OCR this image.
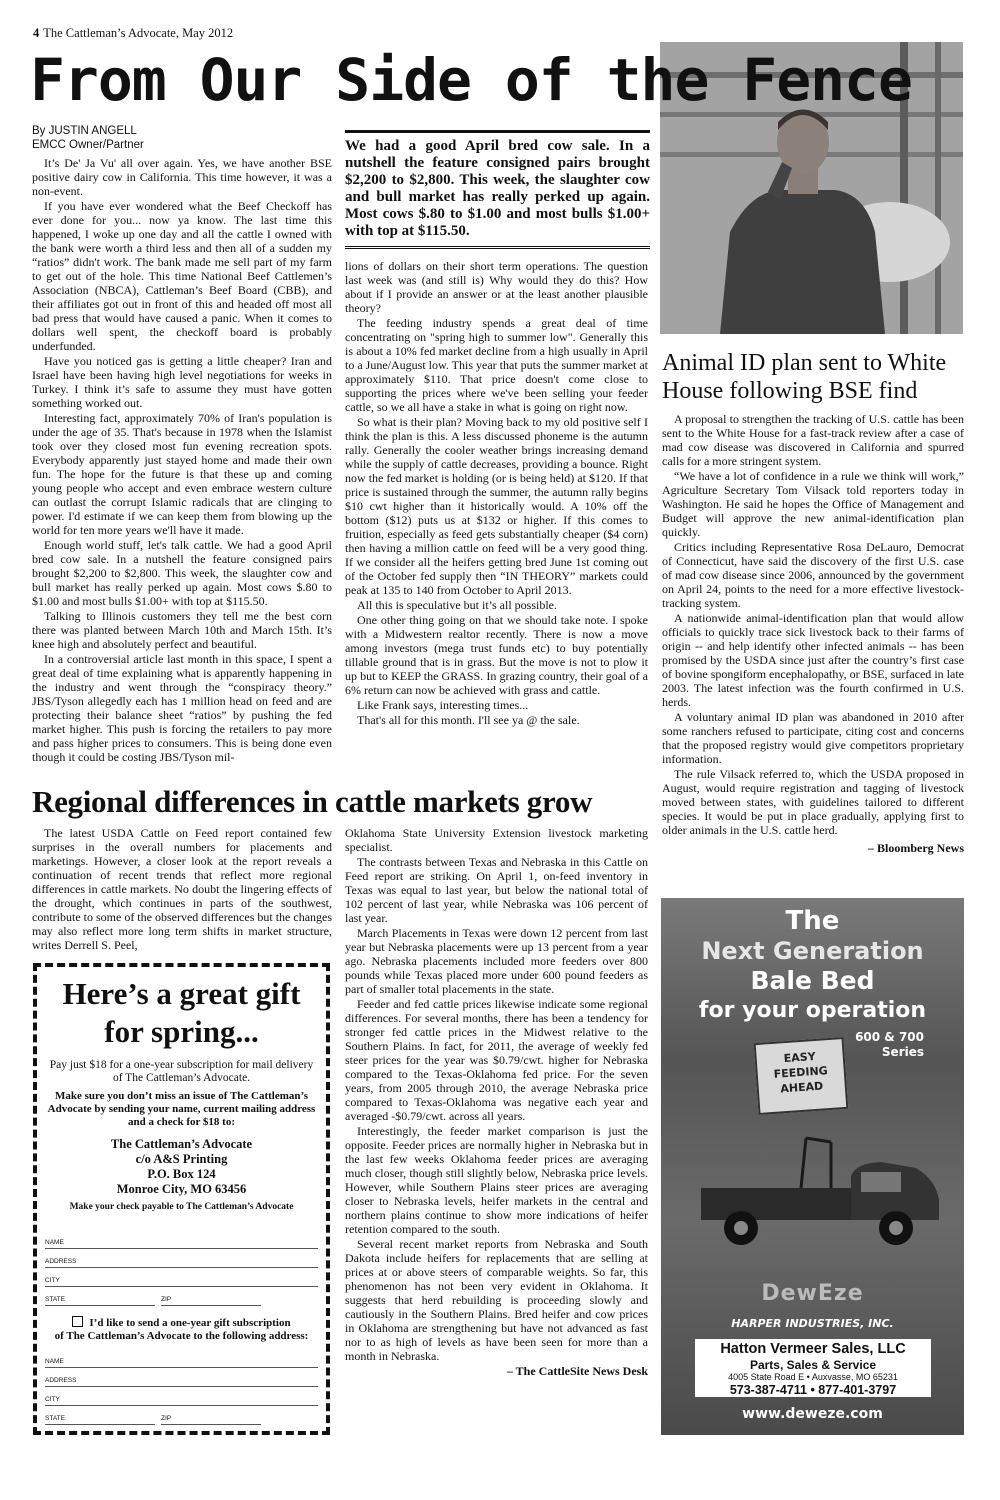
4 The Cattleman’s Advocate, May 2012
From Our Side of the Fence
By JUSTIN ANGELL
EMCC Owner/Partner

It’s De' Ja Vu' all over again. Yes, we have another BSE positive dairy cow in California. This time however, it was a non-event.

If you have ever wondered what the Beef Checkoff has ever done for you... now ya know. The last time this happened, I woke up one day and all the cattle I owned with the bank were worth a third less and then all of a sudden my “ratios” didn't work. The bank made me sell part of my farm to get out of the hole. This time National Beef Cattlemen’s Association (NBCA), Cattleman’s Beef Board (CBB), and their affiliates got out in front of this and headed off most all bad press that would have caused a panic. When it comes to dollars well spent, the checkoff board is probably underfunded.

Have you noticed gas is getting a little cheaper? Iran and Israel have been having high level negotiations for weeks in Turkey. I think it’s safe to assume they must have gotten something worked out.

Interesting fact, approximately 70% of Iran's population is under the age of 35. That's because in 1978 when the Islamist took over they closed most fun evening recreation spots. Everybody apparently just stayed home and made their own fun. The hope for the future is that these up and coming young people who accept and even embrace western culture can outlast the corrupt Islamic radicals that are clinging to power. I'd estimate if we can keep them from blowing up the world for ten more years we'll have it made.

Enough world stuff, let's talk cattle. We had a good April bred cow sale. In a nutshell the feature consigned pairs brought $2,200 to $2,800. This week, the slaughter cow and bull market has really perked up again. Most cows $.80 to $1.00 and most bulls $1.00+ with top at $115.50.

Talking to Illinois customers they tell me the best corn there was planted between March 10th and March 15th. It’s knee high and absolutely perfect and beautiful.

In a controversial article last month in this space, I spent a great deal of time explaining what is apparently happening in the industry and went through the “conspiracy theory.” JBS/Tyson allegedly each has 1 million head on feed and are protecting their balance sheet “ratios” by pushing the fed market higher. This push is forcing the retailers to pay more and pass higher prices to consumers. This is being done even though it could be costing JBS/Tyson mil-

We had a good April bred cow sale. In a nutshell the feature consigned pairs brought $2,200 to $2,800. This week, the slaughter cow and bull market has really perked up again. Most cows $.80 to $1.00 and most bulls $1.00+ with top at $115.50.

lions of dollars on their short term operations. The question last week was (and still is) Why would they do this? How about if I provide an answer or at the least another plausible theory?

The feeding industry spends a great deal of time concentrating on "spring high to summer low". Generally this is about a 10% fed market decline from a high usually in April to a June/August low. This year that puts the summer market at approximately $110. That price doesn't come close to supporting the prices where we've been selling your feeder cattle, so we all have a stake in what is going on right now.

So what is their plan? Moving back to my old positive self I think the plan is this. A less discussed phoneme is the autumn rally. Generally the cooler weather brings increasing demand while the supply of cattle decreases, providing a bounce. Right now the fed market is holding (or is being held) at $120. If that price is sustained through the summer, the autumn rally begins $10 cwt higher than it historically would. A 10% off the bottom ($12) puts us at $132 or higher. If this comes to fruition, especially as feed gets substantially cheaper ($4 corn) then having a million cattle on feed will be a very good thing. If we consider all the heifers getting bred June 1st coming out of the October fed supply then “IN THEORY” markets could peak at 135 to 140 from October to April 2013.

All this is speculative but it’s all possible.

One other thing going on that we should take note. I spoke with a Midwestern realtor recently. There is now a move among investors (mega trust funds etc) to buy potentially tillable ground that is in grass. But the move is not to plow it up but to KEEP the GRASS. In grazing country, their goal of a 6% return can now be achieved with grass and cattle.

Like Frank says, interesting times...

That's all for this month. I'll see ya @ the sale.

Animal ID plan sent to White House following BSE find

A proposal to strengthen the tracking of U.S. cattle has been sent to the White House for a fast-track review after a case of mad cow disease was discovered in California and spurred calls for a more stringent system.

“We have a lot of confidence in a rule we think will work,” Agriculture Secretary Tom Vilsack told reporters today in Washington. He said he hopes the Office of Management and Budget will approve the new animal-identification plan quickly.

Critics including Representative Rosa DeLauro, Democrat of Connecticut, have said the discovery of the first U.S. case of mad cow disease since 2006, announced by the government on April 24, points to the need for a more effective livestock-tracking system.

A nationwide animal-identification plan that would allow officials to quickly trace sick livestock back to their farms of origin -- and help identify other infected animals -- has been promised by the USDA since just after the country’s first case of bovine spongiform encephalopathy, or BSE, surfaced in late 2003. The latest infection was the fourth confirmed in U.S. herds.

A voluntary animal ID plan was abandoned in 2010 after some ranchers refused to participate, citing cost and concerns that the proposed registry would give competitors proprietary information.

The rule Vilsack referred to, which the USDA proposed in August, would require registration and tagging of livestock moved between states, with guidelines tailored to different species. It would be put in place gradually, applying first to older animals in the U.S. cattle herd.

– Bloomberg News
Regional differences in cattle markets grow

The latest USDA Cattle on Feed report contained few surprises in the overall numbers for placements and marketings. However, a closer look at the report reveals a continuation of recent trends that reflect more regional differences in cattle markets. No doubt the lingering effects of the drought, which continues in parts of the southwest, contribute to some of the observed differences but the changes may also reflect more long term shifts in market structure, writes Derrell S. Peel,

Oklahoma State University Extension livestock marketing specialist.

The contrasts between Texas and Nebraska in this Cattle on Feed report are striking. On April 1, on-feed inventory in Texas was equal to last year, but below the national total of 102 percent of last year, while Nebraska was 106 percent of last year.

March Placements in Texas were down 12 percent from last year but Nebraska placements were up 13 percent from a year ago. Nebraska placements included more feeders over 800 pounds while Texas placed more under 600 pound feeders as part of smaller total placements in the state.

Feeder and fed cattle prices likewise indicate some regional differences. For several months, there has been a tendency for stronger fed cattle prices in the Midwest relative to the Southern Plains. In fact, for 2011, the average of weekly fed steer prices for the year was $0.79/cwt. higher for Nebraska compared to the Texas-Oklahoma fed price. For the seven years, from 2005 through 2010, the average Nebraska price compared to Texas-Oklahoma was negative each year and averaged -$0.79/cwt. across all years.

Interestingly, the feeder market comparison is just the opposite. Feeder prices are normally higher in Nebraska but in the last few weeks Oklahoma feeder prices are averaging much closer, though still slightly below, Nebraska price levels. However, while Southern Plains steer prices are averaging closer to Nebraska levels, heifer markets in the central and northern plains continue to show more indications of heifer retention compared to the south.

Several recent market reports from Nebraska and South Dakota include heifers for replacements that are selling at prices at or above steers of comparable weights. So far, this phenomenon has not been very evident in Oklahoma. It suggests that herd rebuilding is proceeding slowly and cautiously in the Southern Plains. Bred heifer and cow prices in Oklahoma are strengthening but have not advanced as fast nor to as high of levels as have been seen for more than a month in Nebraska.

– The CattleSite News Desk
Here’s a great gift for spring...
Pay just $18 for a one-year subscription for mail delivery of The Cattleman’s Advocate.
Make sure you don’t miss an issue of The Cattleman’s Advocate by sending your name, current mailing address and a check for $18 to:
The Cattleman’s Advocate
c/o A&S Printing
P.O. Box 124
Monroe City, MO 63456
Make your check payable to The Cattleman’s Advocate
NAME
ADDRESS
CITY
STATE	ZIP
I’d like to send a one-year gift subscription
of The Cattleman’s Advocate to the following address:
NAME
ADDRESS
CITY
STATE	ZIP
The
Next Generation
Bale Bed
for your operation
600 & 700
Series
EASY
FEEDING
AHEAD
DewEze
HARPER INDUSTRIES, INC.
Hatton Vermeer Sales, LLC
Parts, Sales & Service
4005 State Road E • Auxvasse, MO 65231
573-387-4711 • 877-401-3797
www.deweze.com
